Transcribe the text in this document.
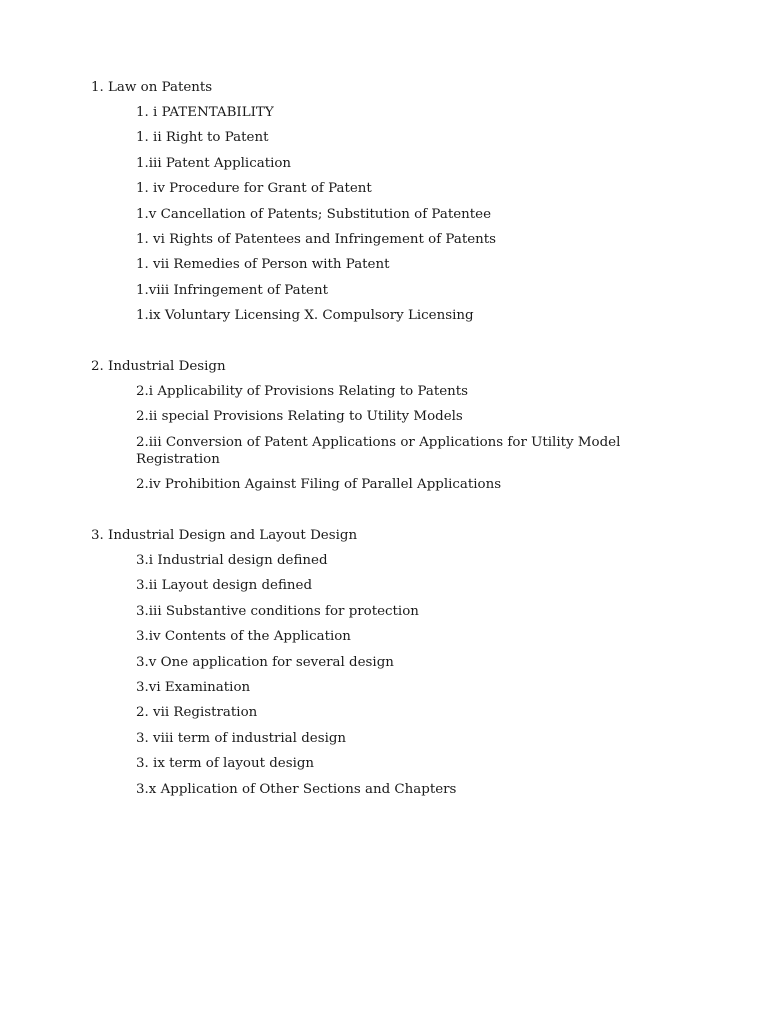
1. Law on Patents
1. i PATENTABILITY
1. ii Right to Patent
1.iii Patent Application
1. iv Procedure for Grant of Patent
1.v Cancellation of Patents; Substitution of Patentee
1. vi Rights of Patentees and Infringement of Patents
1. vii Remedies of Person with Patent
1.viii Infringement of Patent
1.ix Voluntary Licensing X. Compulsory Licensing
2. Industrial Design
2.i Applicability of Provisions Relating to Patents
2.ii special Provisions Relating to Utility Models
2.iii Conversion of Patent Applications or Applications for Utility Model Registration
2.iv Prohibition Against Filing of Parallel Applications
3. Industrial Design and Layout Design
3.i Industrial design defined
3.ii Layout design defined
3.iii Substantive conditions for protection
3.iv Contents of the Application
3.v One application for several design
3.vi Examination
2. vii Registration
3. viii term of industrial design
3. ix term of layout design
3.x Application of Other Sections and Chapters
